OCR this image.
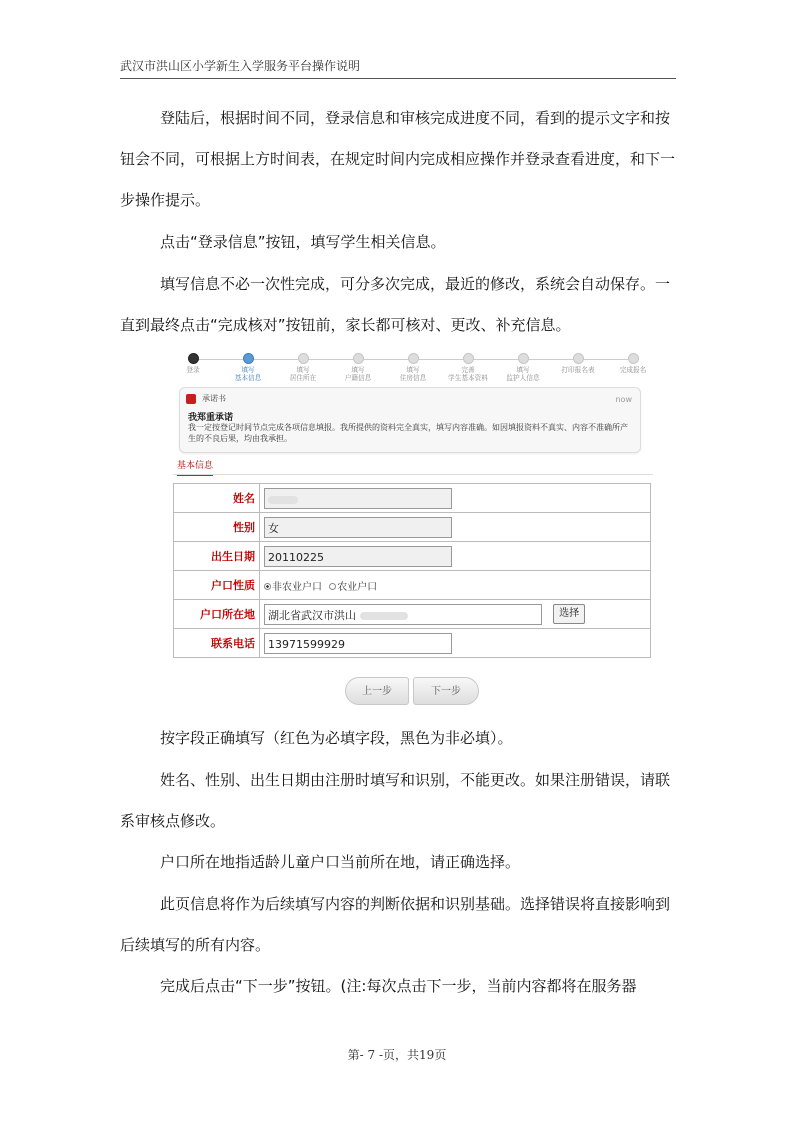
武汉市洪山区小学新生入学服务平台操作说明

登陆后，根据时间不同，登录信息和审核完成进度不同，看到的提示文字和按钮会不同，可根据上方时间表，在规定时间内完成相应操作并登录查看进度，和下一步操作提示。

点击“登录信息”按钮，填写学生相关信息。

填写信息不必一次性完成，可分多次完成，最近的修改，系统会自动保存。一直到最终点击“完成核对”按钮前，家长都可核对、更改、补充信息。

登录	填写
基本信息
填写
居住所在
填写
户籍信息
填写
住房信息
完善
学生基本资料
填写
监护人信息
打印报名表	完成报名
承诺书	now
我郑重承诺
我一定按登记时间节点完成各项信息填报。我所提供的资料完全真实，填写内容准确。如因填报资料不真实、内容不准确所产生的不良后果，均由我承担。
基本信息
姓名	
性别	女
出生日期	20110225
户口性质	非农业户口 农业户口
户口所在地	湖北省武汉市洪山 选择
联系电话	13971599929
上一步	下一步

按字段正确填写（红色为必填字段，黑色为非必填）。

姓名、性别、出生日期由注册时填写和识别，不能更改。如果注册错误，请联系审核点修改。

户口所在地指适龄儿童户口当前所在地，请正确选择。

此页信息将作为后续填写内容的判断依据和识别基础。选择错误将直接影响到后续填写的所有内容。

完成后点击“下一步”按钮。(注:每次点击下一步，当前内容都将在服务器

第- 7 -页，共19页
